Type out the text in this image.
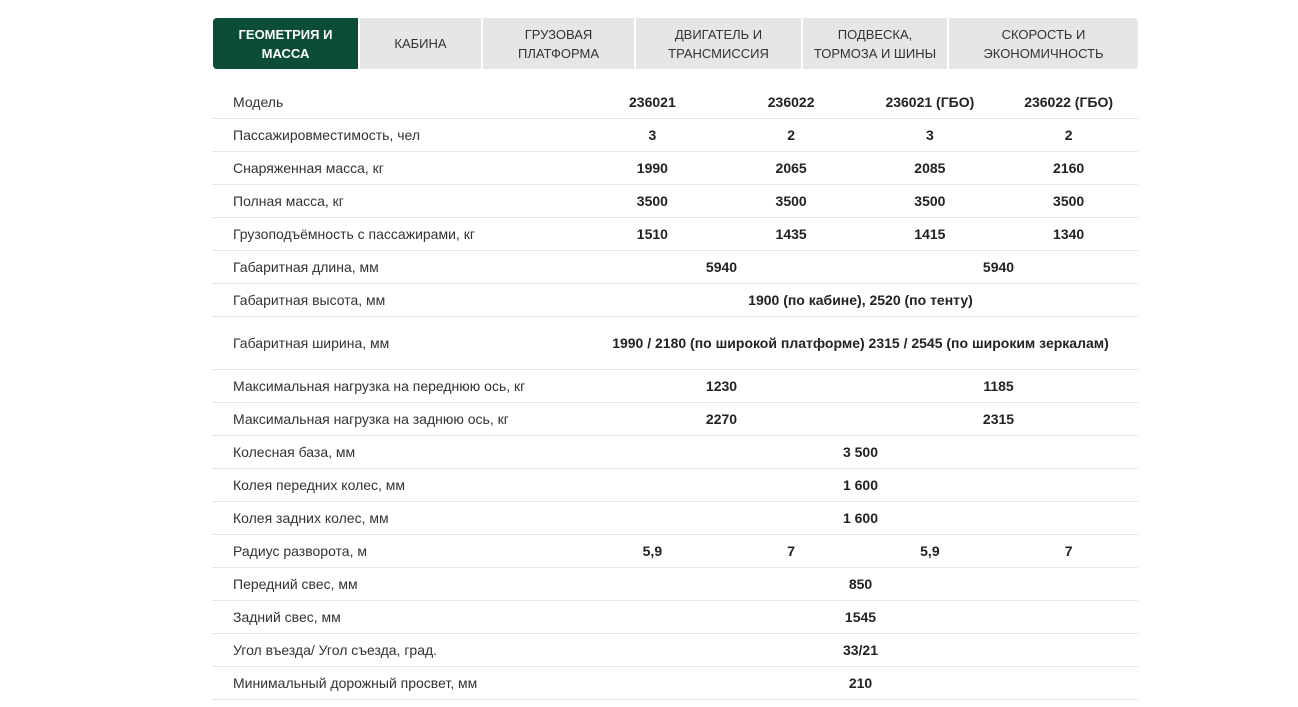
ГЕОМЕТРИЯ И МАССА
КАБИНА
ГРУЗОВАЯ ПЛАТФОРМА
ДВИГАТЕЛЬ И ТРАНСМИССИЯ
ПОДВЕСКА, ТОРМОЗА И ШИНЫ
СКОРОСТЬ И ЭКОНОМИЧНОСТЬ
Модель	236021	236022	236021 (ГБО)	236022 (ГБО)
Пассажировместимость, чел	3	2	3	2
Снаряженная масса, кг	1990	2065	2085	2160
Полная масса, кг	3500	3500	3500	3500
Грузоподъёмность с пассажирами, кг	1510	1435	1415	1340
Габаритная длина, мм	5940	5940
Габаритная высота, мм	1900 (по кабине), 2520 (по тенту)
Габаритная ширина, мм	1990 / 2180 (по широкой платформе) 2315 / 2545 (по широким зеркалам)
Максимальная нагрузка на переднюю ось, кг	1230	1185
Максимальная нагрузка на заднюю ось, кг	2270	2315
Колесная база, мм	3 500
Колея передних колес, мм	1 600
Колея задних колес, мм	1 600
Радиус разворота, м	5,9	7	5,9	7
Передний свес, мм	850
Задний свес, мм	1545
Угол въезда/ Угол съезда, град.	33/21
Минимальный дорожный просвет, мм	210
